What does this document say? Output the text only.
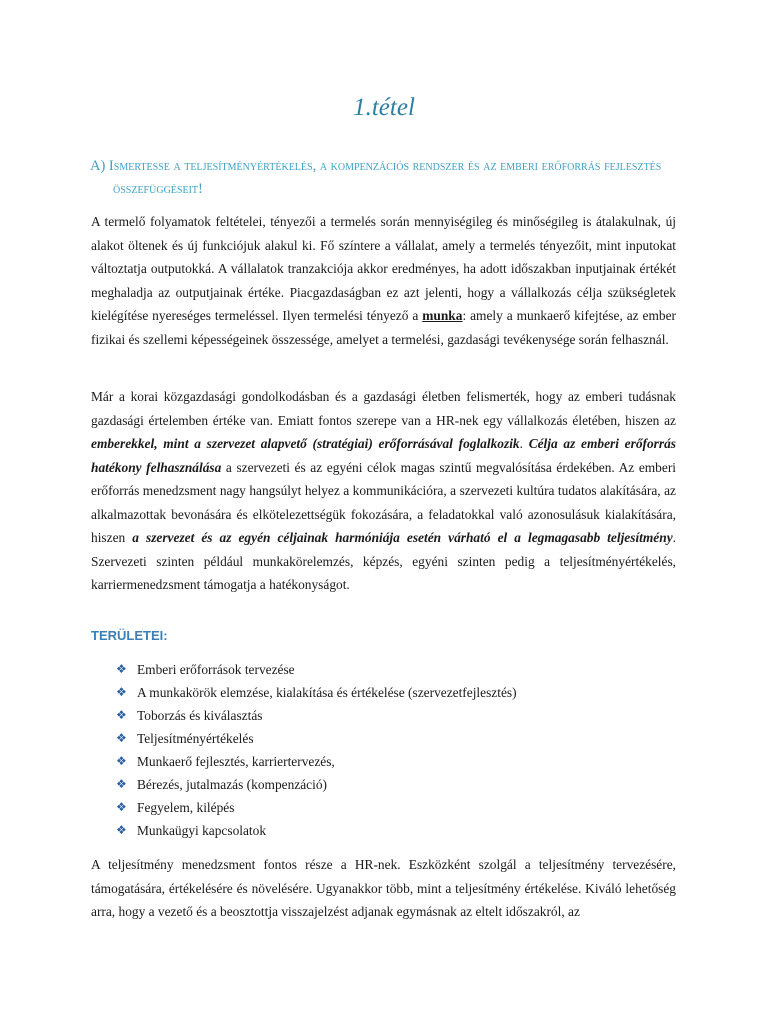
1.tétel
A) Ismertesse a teljesítményértékelés, a kompenzációs rendszer és az emberi erőforrás fejlesztés összefüggéseit!

A termelő folyamatok feltételei, tényezői a termelés során mennyiségileg és minőségileg is átalakulnak, új alakot öltenek és új funkciójuk alakul ki. Fő színtere a vállalat, amely a termelés tényezőit, mint inputokat változtatja outputokká. A vállalatok tranzakciója akkor eredményes, ha adott időszakban inputjainak értékét meghaladja az outputjainak értéke. Piacgazdaságban ez azt jelenti, hogy a vállalkozás célja szükségletek kielégítése nyereséges termeléssel. Ilyen termelési tényező a munka: amely a munkaerő kifejtése, az ember fizikai és szellemi képességeinek összessége, amelyet a termelési, gazdasági tevékenysége során felhasznál.

Már a korai közgazdasági gondolkodásban és a gazdasági életben felismerték, hogy az emberi tudásnak gazdasági értelemben értéke van. Emiatt fontos szerepe van a HR-nek egy vállalkozás életében, hiszen az emberekkel, mint a szervezet alapvető (stratégiai) erőforrásával foglalkozik. Célja az emberi erőforrás hatékony felhasználása a szervezeti és az egyéni célok magas szintű megvalósítása érdekében. Az emberi erőforrás menedzsment nagy hangsúlyt helyez a kommunikációra, a szervezeti kultúra tudatos alakítására, az alkalmazottak bevonására és elkötelezettségük fokozására, a feladatokkal való azonosulásuk kialakítására, hiszen a szervezet és az egyén céljainak harmóniája esetén várható el a legmagasabb teljesítmény. Szervezeti szinten például munkakörelemzés, képzés, egyéni szinten pedig a teljesítményértékelés, karriermenedzsment támogatja a hatékonyságot.

TERÜLETEI:
❖ Emberi erőforrások tervezése
❖ A munkakörök elemzése, kialakítása és értékelése (szervezetfejlesztés)
❖ Toborzás és kiválasztás
❖ Teljesítményértékelés
❖ Munkaerő fejlesztés, karriertervezés,
❖ Bérezés, jutalmazás (kompenzáció)
❖ Fegyelem, kilépés
❖ Munkaügyi kapcsolatok

A teljesítmény menedzsment fontos része a HR-nek. Eszközként szolgál a teljesítmény tervezésére, támogatására, értékelésére és növelésére. Ugyanakkor több, mint a teljesítmény értékelése. Kiváló lehetőség arra, hogy a vezető és a beosztottja visszajelzést adjanak egymásnak az eltelt időszakról, az
